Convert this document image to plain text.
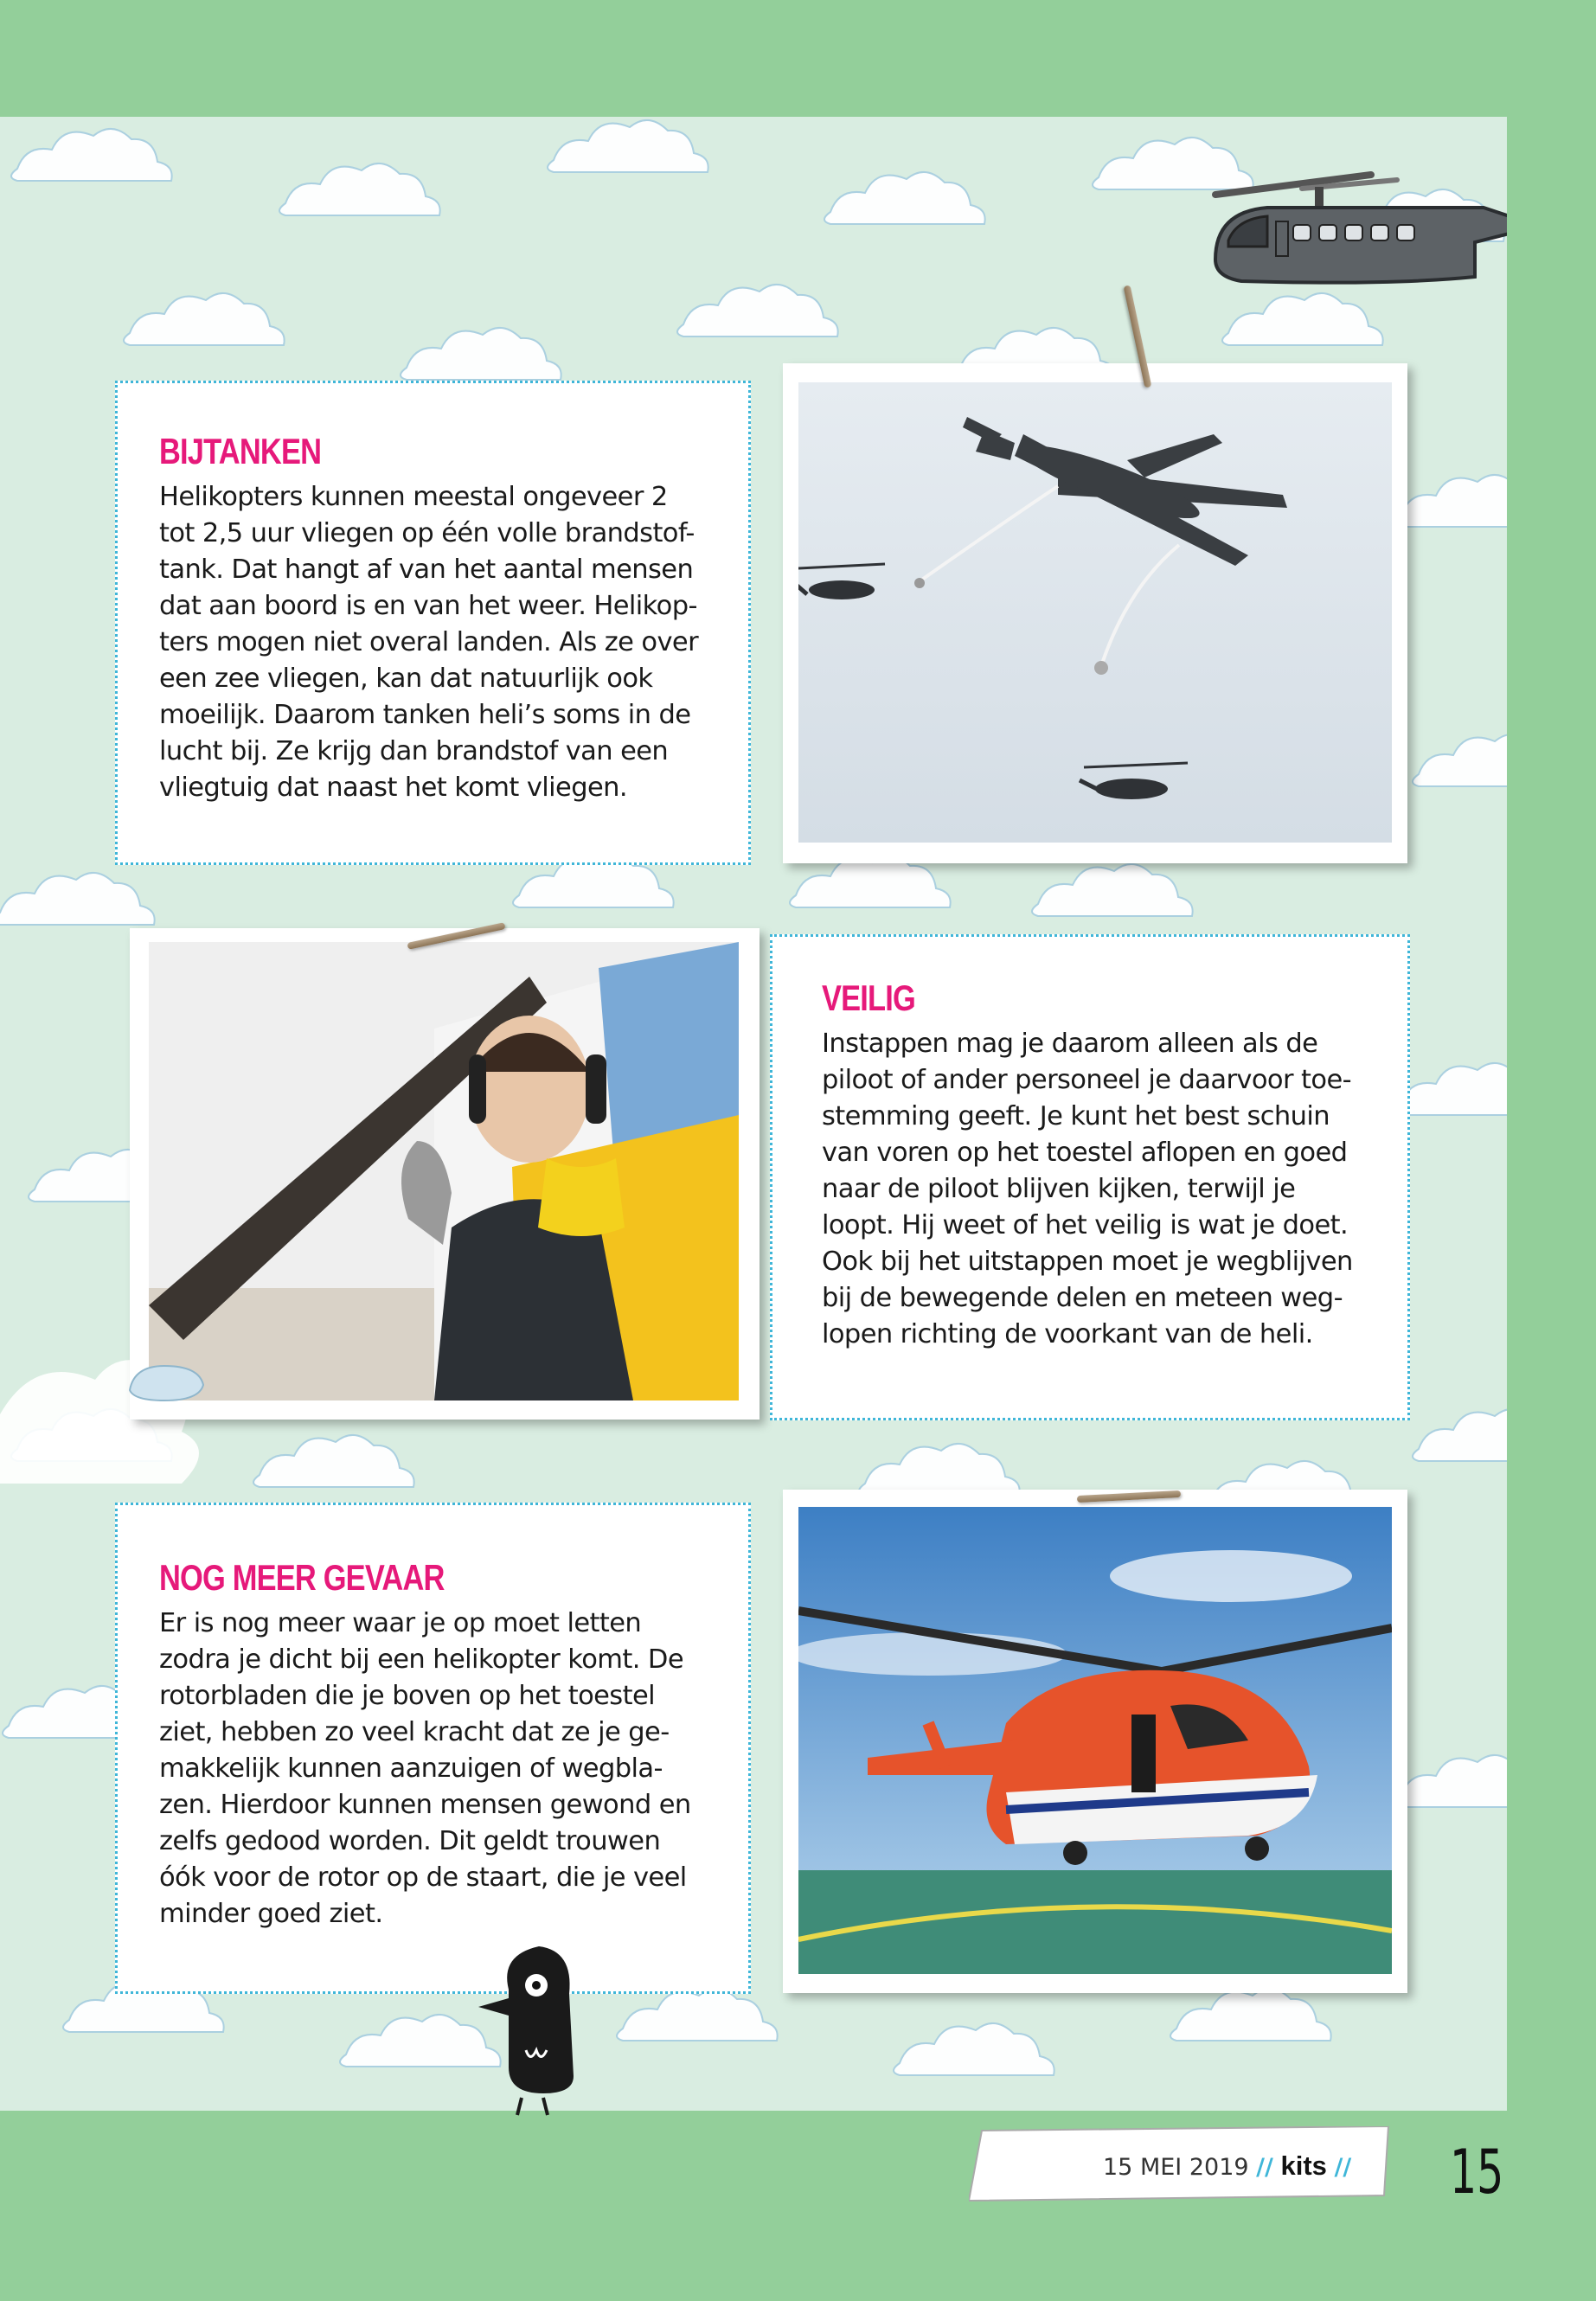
BIJTANKEN

Helikopters kunnen meestal ongeveer 2
tot 2,5 uur vliegen op één volle brandstof-
tank. Dat hangt af van het aantal mensen
dat aan boord is en van het weer. Helikop-
ters mogen niet overal landen. Als ze over
een zee vliegen, kan dat natuurlijk ook
moeilijk. Daarom tanken heli’s soms in de
lucht bij. Ze krijg dan brandstof van een
vliegtuig dat naast het komt vliegen.

VEILIG

Instappen mag je daarom alleen als de
piloot of ander personeel je daarvoor toe-
stemming geeft. Je kunt het best schuin
van voren op het toestel aflopen en goed
naar de piloot blijven kijken, terwijl je
loopt. Hij weet of het veilig is wat je doet.
Ook bij het uitstappen moet je wegblijven
bij de bewegende delen en meteen weg-
lopen richting de voorkant van de heli.

NOG MEER GEVAAR

Er is nog meer waar je op moet letten
zodra je dicht bij een helikopter komt. De
rotorbladen die je boven op het toestel
ziet, hebben zo veel kracht dat ze je ge-
makkelijk kunnen aanzuigen of wegbla-
zen. Hierdoor kunnen mensen gewond en
zelfs gedood worden. Dit geldt trouwen
óók voor de rotor op de staart, die je veel
minder goed ziet.

15 MEI 2019 // kits // 15
